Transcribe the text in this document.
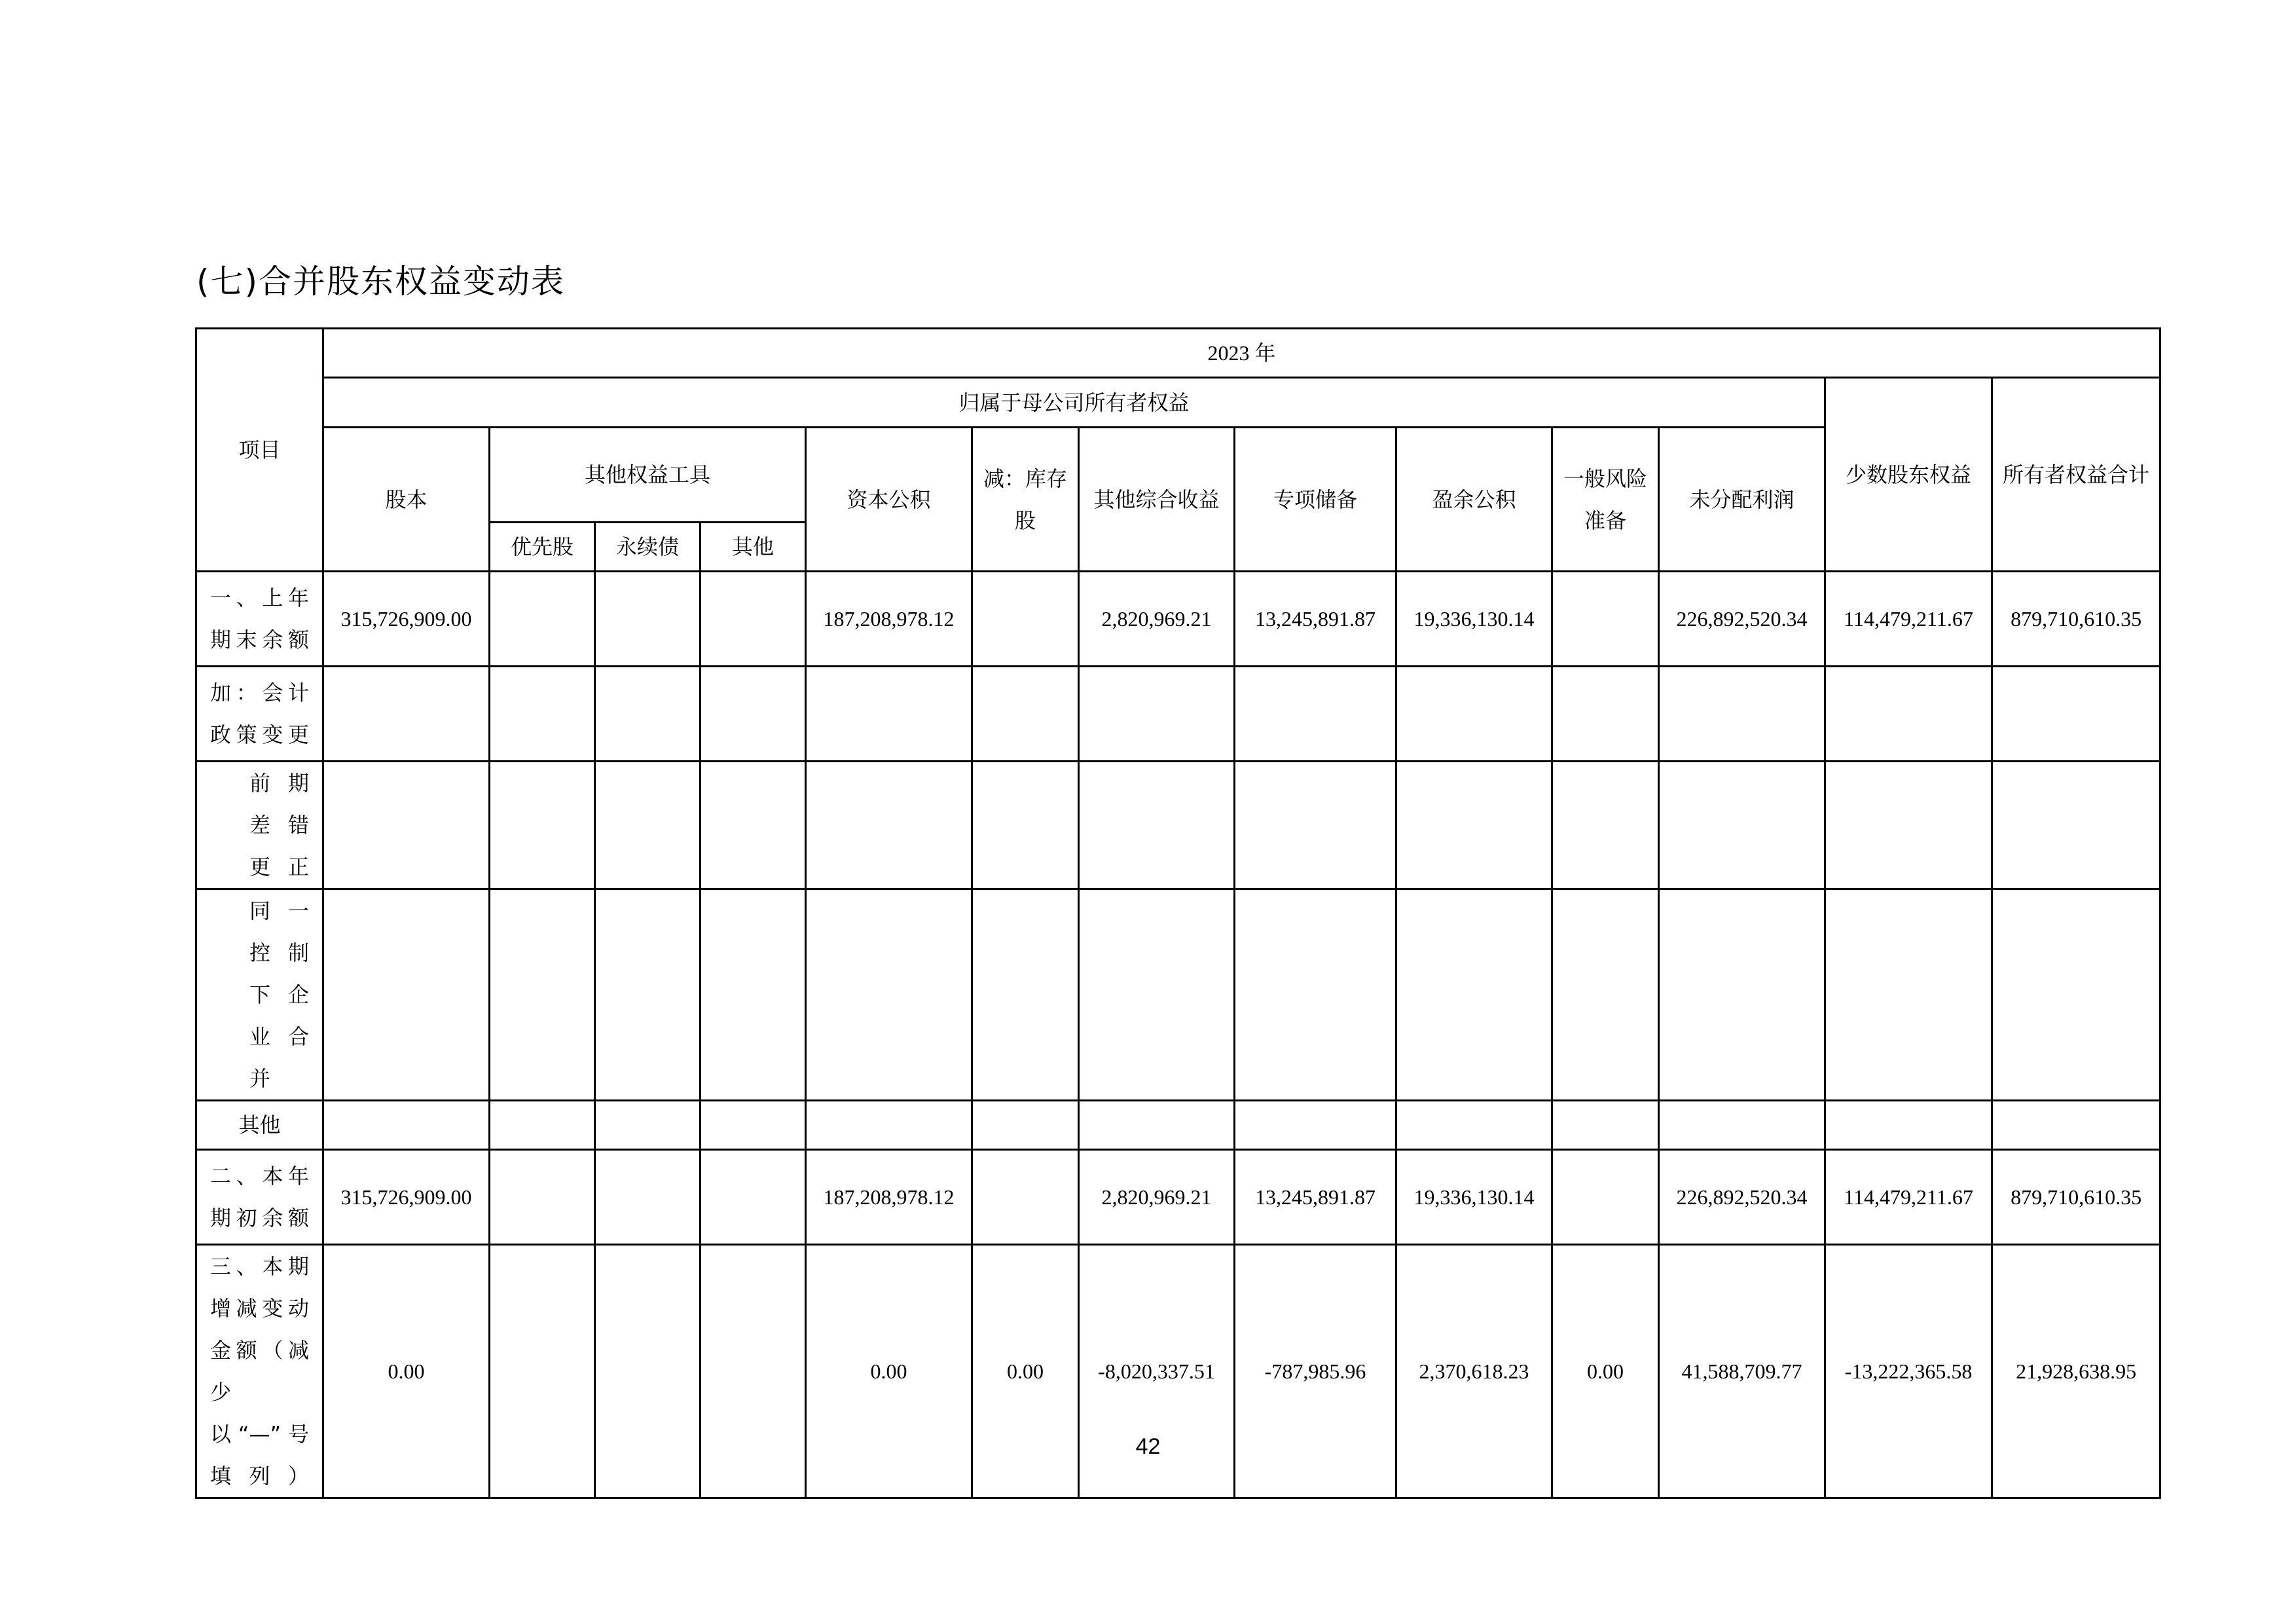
(七)合并股东权益变动表
项目	2023 年												
	归属于母公司所有者权益											少数股东权益	所有者权益合计
	股本	其他权益工具			资本公积	减：库存股	其他综合收益	专项储备	盈余公积	一般风险准备	未分配利润		
		优先股	永续债	其他									
一、上年期末余额	315,726,909.00				187,208,978.12		2,820,969.21	13,245,891.87	19,336,130.14		226,892,520.34	114,479,211.67	879,710,610.35
加：会计政策变更													
前期差错更正													
同一控制下企业合并													
其他													
二、本年期初余额	315,726,909.00				187,208,978.12		2,820,969.21	13,245,891.87	19,336,130.14		226,892,520.34	114,479,211.67	879,710,610.35
三、本期增减变动金额（减少以“—”号填列）	0.00				0.00	0.00	-8,020,337.51	-787,985.96	2,370,618.23	0.00	41,588,709.77	-13,222,365.58	21,928,638.95
42
